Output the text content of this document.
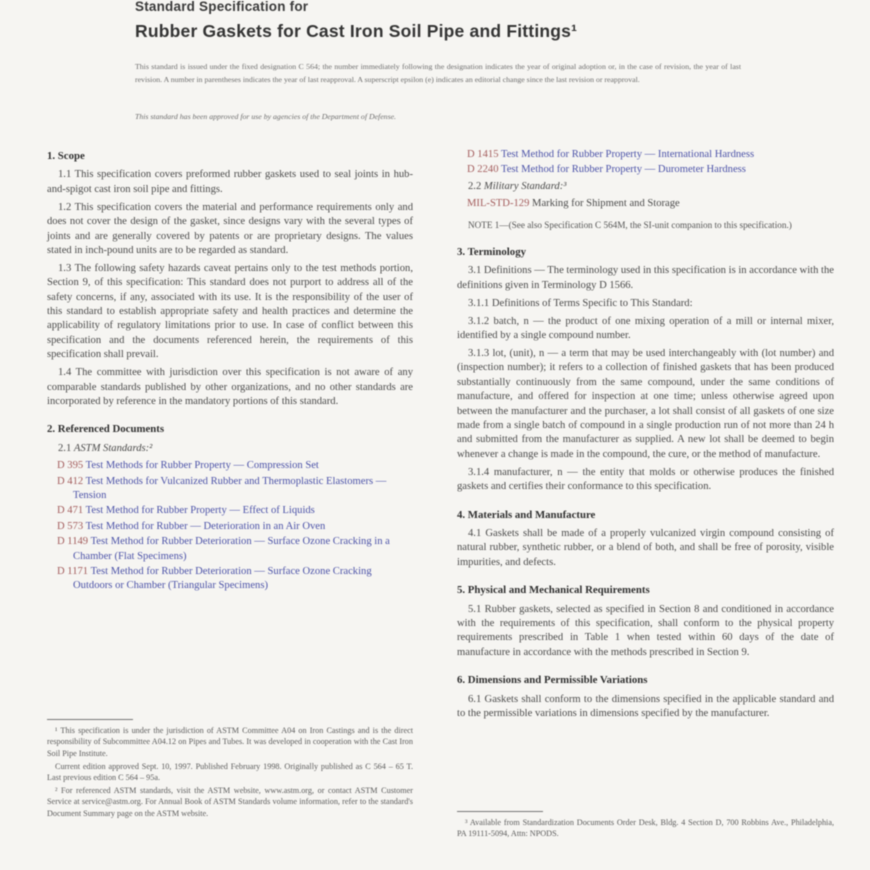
Standard Specification for
Rubber Gaskets for Cast Iron Soil Pipe and Fittings¹

This standard is issued under the fixed designation C 564; the number immediately following the designation indicates the year of original adoption or, in the case of revision, the year of last revision. A number in parentheses indicates the year of last reapproval. A superscript epsilon (e) indicates an editorial change since the last revision or reapproval.

This standard has been approved for use by agencies of the Department of Defense.

1. Scope

1.1 This specification covers preformed rubber gaskets used to seal joints in hub-and-spigot cast iron soil pipe and fittings.

1.2 This specification covers the material and performance requirements only and does not cover the design of the gasket, since designs vary with the several types of joints and are generally covered by patents or are proprietary designs. The values stated in inch-pound units are to be regarded as standard.

1.3 The following safety hazards caveat pertains only to the test methods portion, Section 9, of this specification: This standard does not purport to address all of the safety concerns, if any, associated with its use. It is the responsibility of the user of this standard to establish appropriate safety and health practices and determine the applicability of regulatory limitations prior to use. In case of conflict between this specification and the documents referenced herein, the requirements of this specification shall prevail.

1.4 The committee with jurisdiction over this specification is not aware of any comparable standards published by other organizations, and no other standards are incorporated by reference in the mandatory portions of this standard.

2. Referenced Documents

2.1 ASTM Standards:²

D 395 Test Methods for Rubber Property — Compression Set
D 412 Test Methods for Vulcanized Rubber and Thermoplastic Elastomers — Tension
D 471 Test Method for Rubber Property — Effect of Liquids
D 573 Test Method for Rubber — Deterioration in an Air Oven
D 1149 Test Method for Rubber Deterioration — Surface Ozone Cracking in a Chamber (Flat Specimens)
D 1171 Test Method for Rubber Deterioration — Surface Ozone Cracking Outdoors or Chamber (Triangular Specimens)
D 1415 Test Method for Rubber Property — International Hardness
D 2240 Test Method for Rubber Property — Durometer Hardness

2.2 Military Standard:³

MIL-STD-129 Marking for Shipment and Storage

NOTE 1—(See also Specification C 564M, the SI-unit companion to this specification.)

3. Terminology

3.1 Definitions — The terminology used in this specification is in accordance with the definitions given in Terminology D 1566.

3.1.1 Definitions of Terms Specific to This Standard:

3.1.2 batch, n — the product of one mixing operation of a mill or internal mixer, identified by a single compound number.

3.1.3 lot, (unit), n — a term that may be used interchangeably with (lot number) and (inspection number); it refers to a collection of finished gaskets that has been produced substantially continuously from the same compound, under the same conditions of manufacture, and offered for inspection at one time; unless otherwise agreed upon between the manufacturer and the purchaser, a lot shall consist of all gaskets of one size made from a single batch of compound in a single production run of not more than 24 h and submitted from the manufacturer as supplied. A new lot shall be deemed to begin whenever a change is made in the compound, the cure, or the method of manufacture.

3.1.4 manufacturer, n — the entity that molds or otherwise produces the finished gaskets and certifies their conformance to this specification.

4. Materials and Manufacture

4.1 Gaskets shall be made of a properly vulcanized virgin compound consisting of natural rubber, synthetic rubber, or a blend of both, and shall be free of porosity, visible impurities, and defects.

5. Physical and Mechanical Requirements

5.1 Rubber gaskets, selected as specified in Section 8 and conditioned in accordance with the requirements of this specification, shall conform to the physical property requirements prescribed in Table 1 when tested within 60 days of the date of manufacture in accordance with the methods prescribed in Section 9.

6. Dimensions and Permissible Variations

6.1 Gaskets shall conform to the dimensions specified in the applicable standard and to the permissible variations in dimensions specified by the manufacturer.

¹ This specification is under the jurisdiction of ASTM Committee A04 on Iron Castings and is the direct responsibility of Subcommittee A04.12 on Pipes and Tubes. It was developed in cooperation with the Cast Iron Soil Pipe Institute.

Current edition approved Sept. 10, 1997. Published February 1998. Originally published as C 564 – 65 T. Last previous edition C 564 – 95a.

² For referenced ASTM standards, visit the ASTM website, www.astm.org, or contact ASTM Customer Service at service@astm.org. For Annual Book of ASTM Standards volume information, refer to the standard's Document Summary page on the ASTM website.

³ Available from Standardization Documents Order Desk, Bldg. 4 Section D, 700 Robbins Ave., Philadelphia, PA 19111-5094, Attn: NPODS.
